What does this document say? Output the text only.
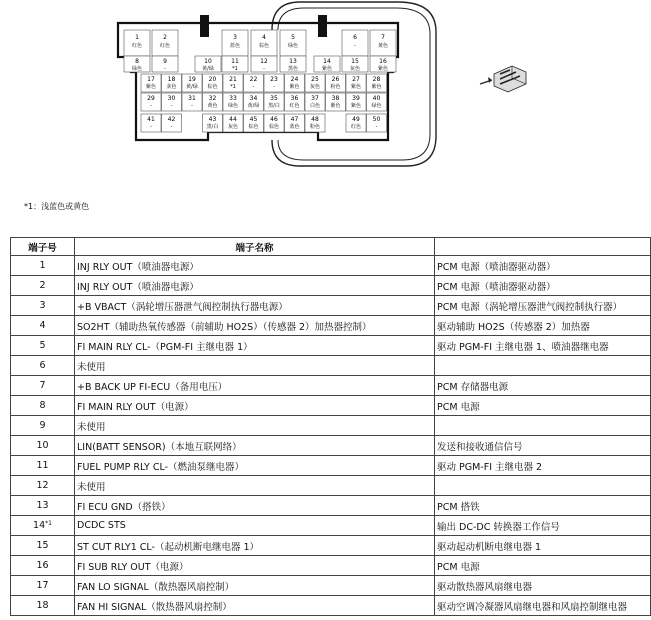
1
红色
2
红色
3
蓝色
4
棕色
5
绿色
6
-
7
黄色
8
绿色
9
-
10
黄/绿
11
*1
12
-
13
黑色
14
紫色
15
灰色
16
紫色
17
紫色
18
灰色
19
黄/绿
20
棕色
21
*1
22
-
23
-
24
紫色
25
灰色
26
粉色
27
紫色
28
紫色
29
-
30
-
31
-
32
黄色
33
绿色
34
黄/绿
35
黑/白
36
红色
37
白色
38
紫色
39
紫色
40
绿色
41
-
42
-
43
黑/白
44
灰色
45
棕色
46
棕色
47
蓝色
48
粉色
49
红色
50
-
*1：浅蓝色或黄色
端子号	端子名称	
1	INJ RLY OUT（喷油器电源）	PCM 电源（喷油器驱动器）
2	INJ RLY OUT（喷油器电源）	PCM 电源（喷油器驱动器）
3	+B VBACT（涡轮增压器泄气阀控制执行器电源）	PCM 电源（涡轮增压器泄气阀控制执行器）
4	SO2HT（辅助热氧传感器（前辅助 HO2S）（传感器 2）加热器控制）	驱动辅助 HO2S（传感器 2）加热器
5	FI MAIN RLY CL-（PGM-FI 主继电器 1）	驱动 PGM-FI 主继电器 1、喷油器继电器
6	未使用	
7	+B BACK UP FI-ECU（备用电压）	PCM 存储器电源
8	FI MAIN RLY OUT（电源）	PCM 电源
9	未使用	
10	LIN(BATT SENSOR)（本地互联网络）	发送和接收通信信号
11	FUEL PUMP RLY CL-（燃油泵继电器）	驱动 PGM-FI 主继电器 2
12	未使用	
13	FI ECU GND（搭铁）	PCM 搭铁
14$^{*1}$	DCDC STS	输出 DC-DC 转换器工作信号
15	ST CUT RLY1 CL-（起动机断电继电器 1）	驱动起动机断电继电器 1
16	FI SUB RLY OUT（电源）	PCM 电源
17	FAN LO SIGNAL（散热器风扇控制）	驱动散热器风扇继电器
18	FAN HI SIGNAL（散热器风扇控制）	驱动空调冷凝器风扇继电器和风扇控制继电器
